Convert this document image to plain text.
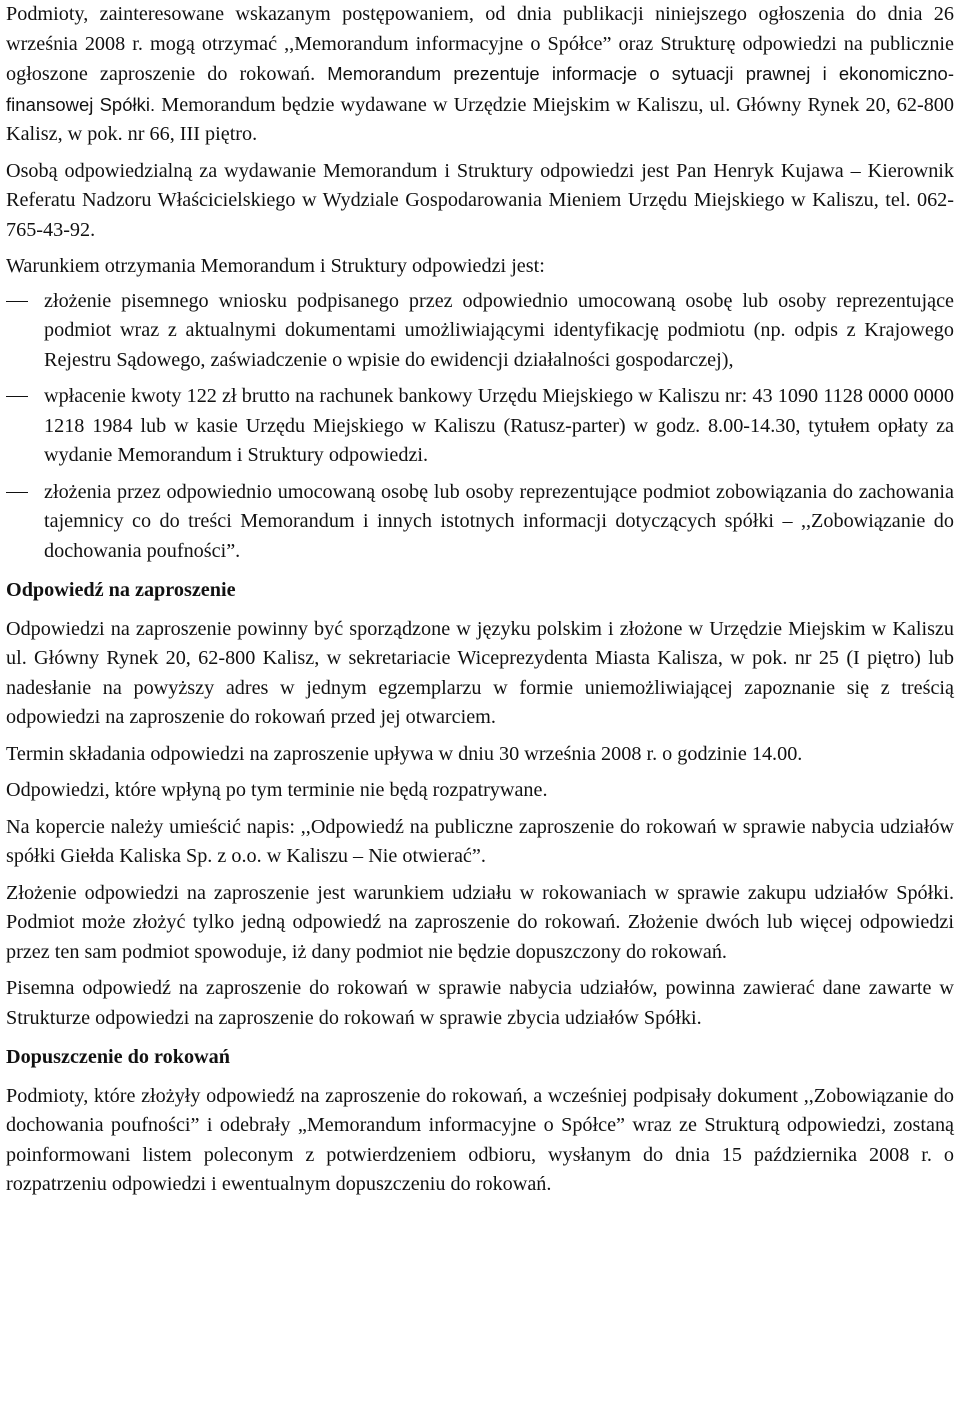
Podmioty, zainteresowane wskazanym postępowaniem, od dnia publikacji niniejszego ogłoszenia do dnia 26 września 2008 r. mogą otrzymać ,,Memorandum informacyjne o Spółce” oraz Strukturę odpowiedzi na publicznie ogłoszone zaproszenie do rokowań. Memorandum prezentuje informacje o sytuacji prawnej i ekonomiczno-finansowej Spółki. Memorandum będzie wydawane w Urzędzie Miejskim w Kaliszu, ul. Główny Rynek 20, 62-800 Kalisz, w pok. nr 66, III piętro.

Osobą odpowiedzialną za wydawanie Memorandum i Struktury odpowiedzi jest Pan Henryk Kujawa – Kierownik Referatu Nadzoru Właścicielskiego w Wydziale Gospodarowania Mieniem Urzędu Miejskiego w Kaliszu, tel. 062- 765-43-92.

Warunkiem otrzymania Memorandum i Struktury odpowiedzi jest:

złożenie pisemnego wniosku podpisanego przez odpowiednio umocowaną osobę lub osoby reprezentujące podmiot wraz z aktualnymi dokumentami umożliwiającymi identyfikację podmiotu (np. odpis z Krajowego Rejestru Sądowego, zaświadczenie o wpisie do ewidencji działalności gospodarczej),
wpłacenie kwoty 122 zł brutto na rachunek bankowy Urzędu Miejskiego w Kaliszu nr: 43 1090 1128 0000 0000 1218 1984 lub w kasie Urzędu Miejskiego w Kaliszu (Ratusz-parter) w godz. 8.00-14.30, tytułem opłaty za wydanie Memorandum i Struktury odpowiedzi.
złożenia przez odpowiednio umocowaną osobę lub osoby reprezentujące podmiot zobowiązania do zachowania tajemnicy co do treści Memorandum i innych istotnych informacji dotyczących spółki – ,,Zobowiązanie do dochowania poufności”.
Odpowiedź na zaproszenie

Odpowiedzi na zaproszenie powinny być sporządzone w języku polskim i złożone w Urzędzie Miejskim w Kaliszu ul. Główny Rynek 20, 62-800 Kalisz, w sekretariacie Wiceprezydenta Miasta Kalisza, w pok. nr 25 (I piętro) lub nadesłanie na powyższy adres w jednym egzemplarzu w formie uniemożliwiającej zapoznanie się z treścią odpowiedzi na zaproszenie do rokowań przed jej otwarciem.

Termin składania odpowiedzi na zaproszenie upływa w dniu 30 września 2008 r. o godzinie 14.00.

Odpowiedzi, które wpłyną po tym terminie nie będą rozpatrywane.

Na kopercie należy umieścić napis: ,,Odpowiedź na publiczne zaproszenie do rokowań w sprawie nabycia udziałów spółki Giełda Kaliska Sp. z o.o. w Kaliszu – Nie otwierać”.

Złożenie odpowiedzi na zaproszenie jest warunkiem udziału w rokowaniach w sprawie zakupu udziałów Spółki. Podmiot może złożyć tylko jedną odpowiedź na zaproszenie do rokowań. Złożenie dwóch lub więcej odpowiedzi przez ten sam podmiot spowoduje, iż dany podmiot nie będzie dopuszczony do rokowań.

Pisemna odpowiedź na zaproszenie do rokowań w sprawie nabycia udziałów, powinna zawierać dane zawarte w Strukturze odpowiedzi na zaproszenie do rokowań w sprawie zbycia udziałów Spółki.

Dopuszczenie do rokowań

Podmioty, które złożyły odpowiedź na zaproszenie do rokowań, a wcześniej podpisały dokument ,,Zobowiązanie do dochowania poufności” i odebrały „Memorandum informacyjne o Spółce” wraz ze Strukturą odpowiedzi, zostaną poinformowani listem poleconym z potwierdzeniem odbioru, wysłanym do dnia 15 października 2008 r. o rozpatrzeniu odpowiedzi i ewentualnym dopuszczeniu do rokowań.
